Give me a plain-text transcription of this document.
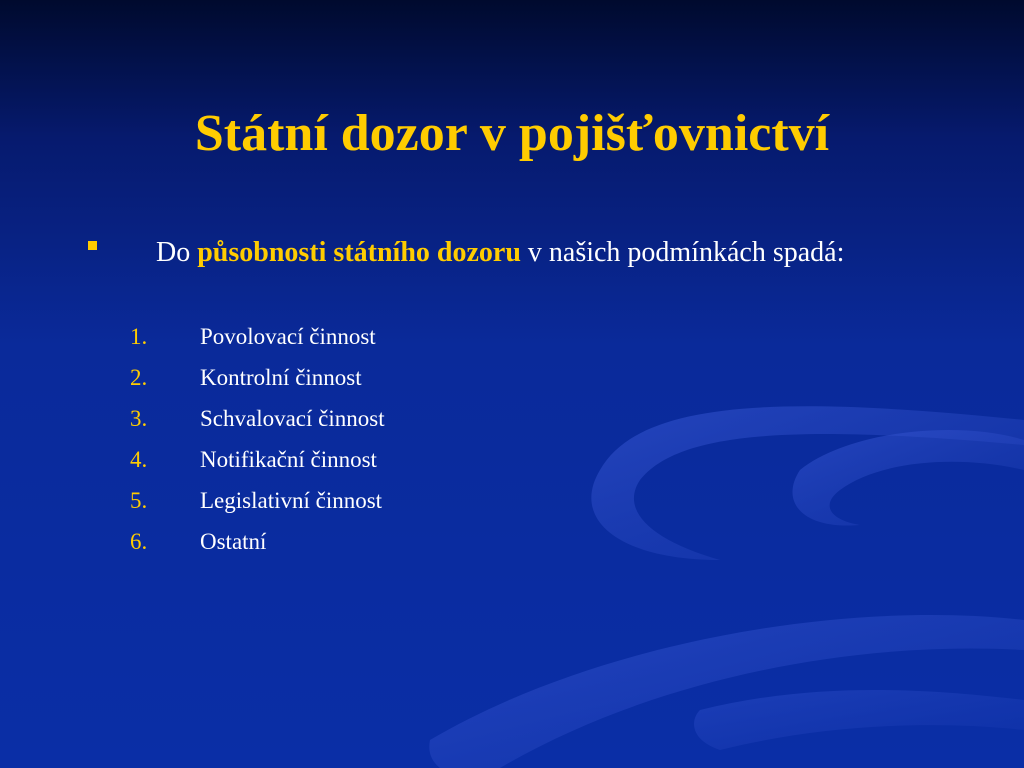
Státní dozor v pojišťovnictví
Do působnosti státního dozoru v našich podmínkách spadá:
1.	Povolovací činnost
2.	Kontrolní činnost
3.	Schvalovací činnost
4.	Notifikační činnost
5.	Legislativní činnost
6.	Ostatní
